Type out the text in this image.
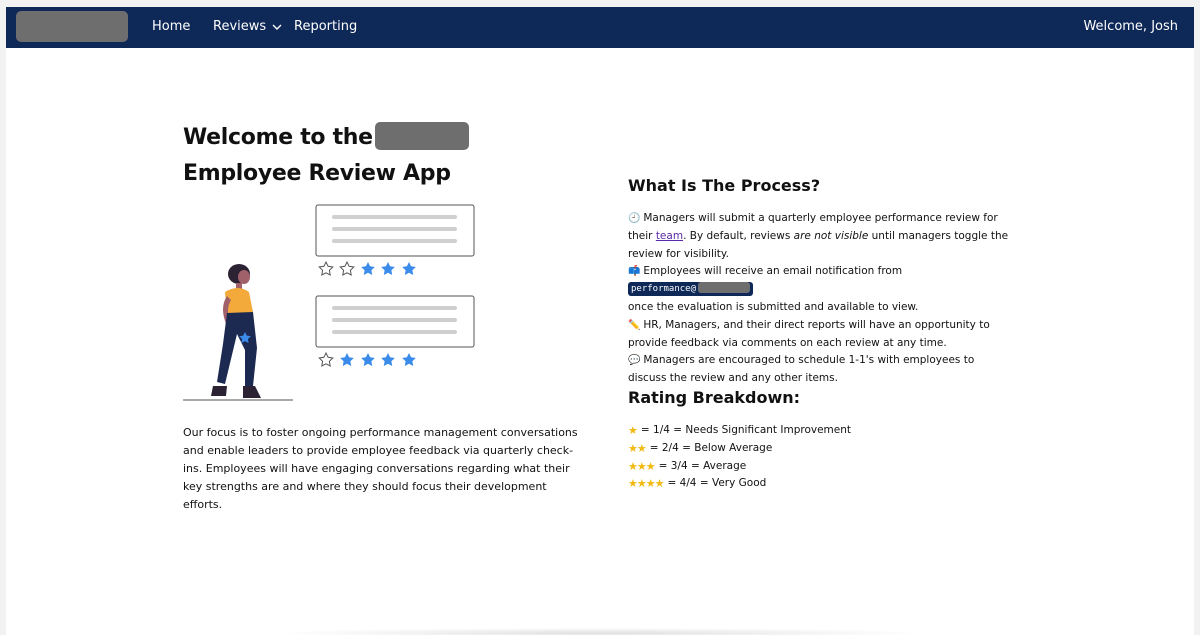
Home Reviews Reporting	Welcome, Josh
Welcome to theEmployee Review App

Our focus is to foster ongoing performance management conversations and enable leaders to provide employee feedback via quarterly check-ins. Employees will have engaging conversations regarding what their key strengths are and where they should focus their development efforts.

What Is The Process?
🕘 Managers will submit a quarterly employee performance review for their team. By default, reviews are not visible until managers toggle the review for visibility.
📫 Employees will receive an email notification from performance@
once the evaluation is submitted and available to view.
✏️ HR, Managers, and their direct reports will have an opportunity to provide feedback via comments on each review at any time.
💬 Managers are encouraged to schedule 1-1's with employees to discuss the review and any other items.
Rating Breakdown:
★ = 1/4 = Needs Significant Improvement
★★ = 2/4 = Below Average
★★★ = 3/4 = Average
★★★★ = 4/4 = Very Good
